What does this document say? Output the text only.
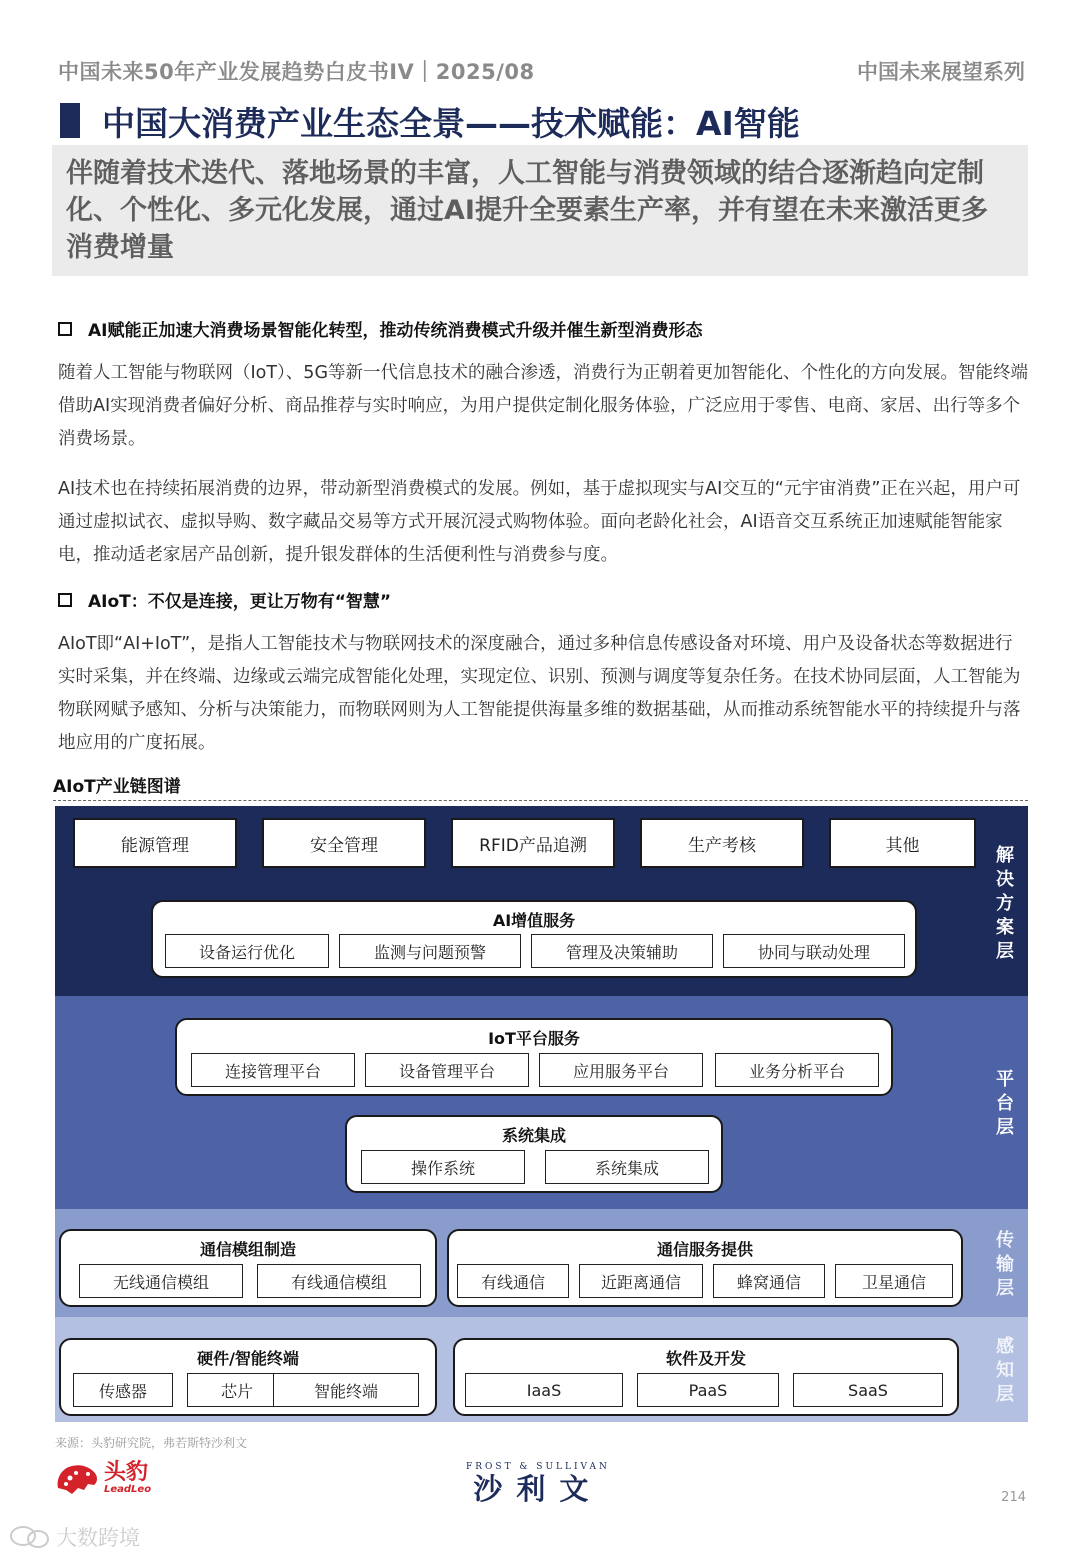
中国未来50年产业发展趋势白皮书IV｜2025/08	中国未来展望系列
中国大消费产业生态全景——技术赋能：AI智能
伴随着技术迭代、落地场景的丰富，人工智能与消费领域的结合逐渐趋向定制化、个性化、多元化发展，通过AI提升全要素生产率，并有望在未来激活更多消费增量
AI赋能正加速大消费场景智能化转型，推动传统消费模式升级并催生新型消费形态
随着人工智能与物联网（IoT）、5G等新一代信息技术的融合渗透，消费行为正朝着更加智能化、个性化的方向发展。智能终端借助AI实现消费者偏好分析、商品推荐与实时响应，为用户提供定制化服务体验，广泛应用于零售、电商、家居、出行等多个消费场景。
AI技术也在持续拓展消费的边界，带动新型消费模式的发展。例如，基于虚拟现实与AI交互的“元宇宙消费”正在兴起，用户可通过虚拟试衣、虚拟导购、数字藏品交易等方式开展沉浸式购物体验。面向老龄化社会，AI语音交互系统正加速赋能智能家电，推动适老家居产品创新，提升银发群体的生活便利性与消费参与度。
AIoT：不仅是连接，更让万物有“智慧”
AIoT即“AI+IoT”，是指人工智能技术与物联网技术的深度融合，通过多种信息传感设备对环境、用户及设备状态等数据进行实时采集，并在终端、边缘或云端完成智能化处理，实现定位、识别、预测与调度等复杂任务。在技术协同层面，人工智能为物联网赋予感知、分析与决策能力，而物联网则为人工智能提供海量多维的数据基础，从而推动系统智能水平的持续提升与落地应用的广度拓展。
AIoT产业链图谱
能源管理	安全管理	RFID产品追溯	生产考核	其他
AI增值服务
设备运行优化	监测与问题预警	管理及决策辅助	协同与联动处理
解决方案层
IoT平台服务
连接管理平台	设备管理平台	应用服务平台	业务分析平台
系统集成
操作系统	系统集成
平台层
通信模组制造
无线通信模组	有线通信模组
通信服务提供
有线通信	近距离通信	蜂窝通信	卫星通信
传输层
硬件/智能终端
传感器	芯片	智能终端
软件及开发
IaaS	PaaS	SaaS
感知层
来源：头豹研究院，弗若斯特沙利文
头豹
LeadLeo
FROST & SULLIVAN
沙利文	214
大数跨境
